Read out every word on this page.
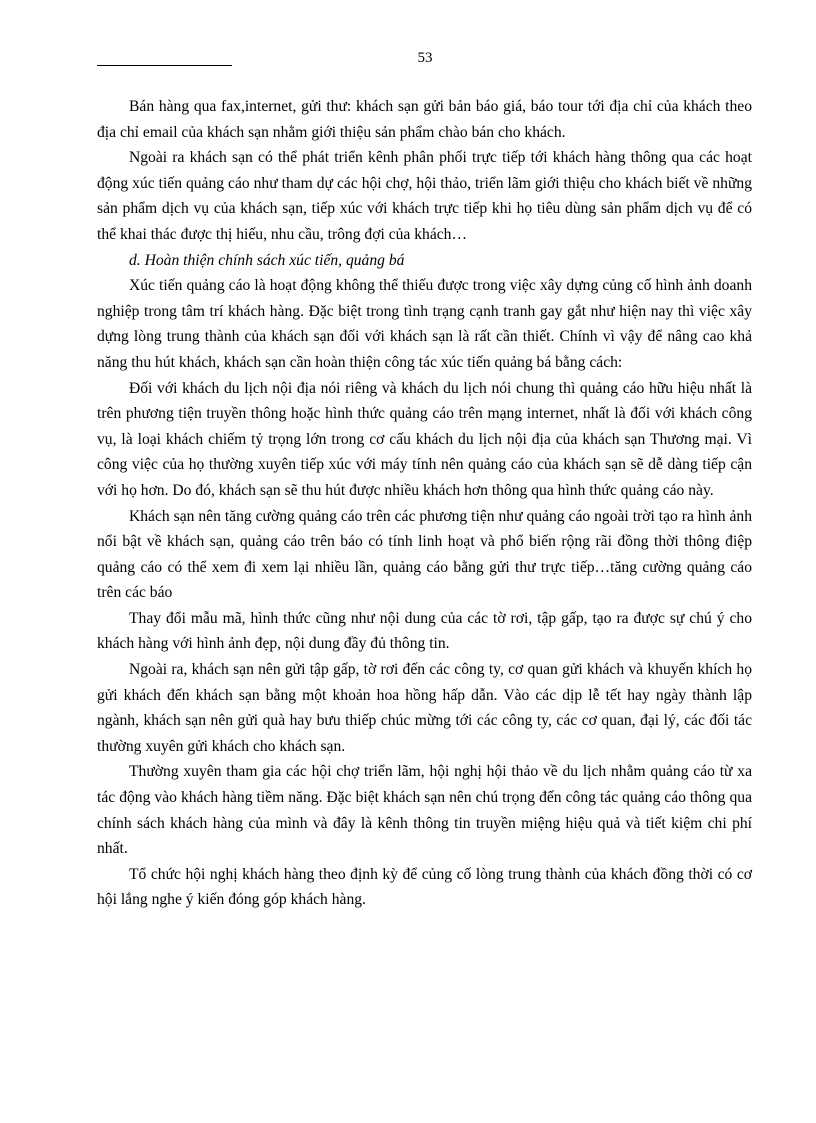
53

Bán hàng qua fax,internet, gửi thư: khách sạn gửi bản báo giá, báo tour tới địa chỉ của khách theo địa chỉ email của khách sạn nhằm giới thiệu sản phẩm chào bán cho khách.

Ngoài ra khách sạn có thể phát triển kênh phân phối trực tiếp tới khách hàng thông qua các hoạt động xúc tiến quảng cáo như tham dự các hội chợ, hội thảo, triển lãm giới thiệu cho khách biết về những sản phẩm dịch vụ của khách sạn, tiếp xúc với khách trực tiếp khi họ tiêu dùng sản phẩm dịch vụ để có thể khai thác được thị hiếu, nhu cầu, trông đợi của khách…

d. Hoàn thiện chính sách xúc tiến, quảng bá

Xúc tiến quảng cáo là hoạt động không thể thiếu được trong việc xây dựng củng cố hình ảnh doanh nghiệp trong tâm trí khách hàng. Đặc biệt trong tình trạng cạnh tranh gay gắt như hiện nay thì việc xây dựng lòng trung thành của khách sạn đối với khách sạn là rất cần thiết. Chính vì vậy để nâng cao khả năng thu hút khách, khách sạn cần hoàn thiện công tác xúc tiến quảng bá bằng cách:

Đối với khách du lịch nội địa nói riêng và khách du lịch nói chung thì quảng cáo hữu hiệu nhất là trên phương tiện truyền thông hoặc hình thức quảng cáo trên mạng internet, nhất là đối với khách công vụ, là loại khách chiếm tỷ trọng lớn trong cơ cấu khách du lịch nội địa của khách sạn Thương mại. Vì công việc của họ thường xuyên tiếp xúc với máy tính nên quảng cáo của khách sạn sẽ dễ dàng tiếp cận với họ hơn. Do đó, khách sạn sẽ thu hút được nhiều khách hơn thông qua hình thức quảng cáo này.

Khách sạn nên tăng cường quảng cáo trên các phương tiện như quảng cáo ngoài trời tạo ra hình ảnh nổi bật về khách sạn, quảng cáo trên báo có tính linh hoạt và phổ biến rộng rãi đồng thời thông điệp quảng cáo có thể xem đi xem lại nhiều lần, quảng cáo bằng gửi thư trực tiếp…tăng cường quảng cáo trên các báo

Thay đổi mẫu mã, hình thức cũng như nội dung của các tờ rơi, tập gấp, tạo ra được sự chú ý cho khách hàng với hình ảnh đẹp, nội dung đầy đủ thông tin.

Ngoài ra, khách sạn nên gửi tập gấp, tờ rơi đến các công ty, cơ quan gửi khách và khuyến khích họ gửi khách đến khách sạn bằng một khoản hoa hồng hấp dẫn. Vào các dịp lễ tết hay ngày thành lập ngành, khách sạn nên gửi quà hay bưu thiếp chúc mừng tới các công ty, các cơ quan, đại lý, các đối tác thường xuyên gửi khách cho khách sạn.

Thường xuyên tham gia các hội chợ triển lãm, hội nghị hội thảo về du lịch nhằm quảng cáo từ xa tác động vào khách hàng tiềm năng. Đặc biệt khách sạn nên chú trọng đến công tác quảng cáo thông qua chính sách khách hàng của mình và đây là kênh thông tin truyền miệng hiệu quả và tiết kiệm chi phí nhất.

Tổ chức hội nghị khách hàng theo định kỳ để củng cố lòng trung thành của khách đồng thời có cơ hội lắng nghe ý kiến đóng góp khách hàng.
